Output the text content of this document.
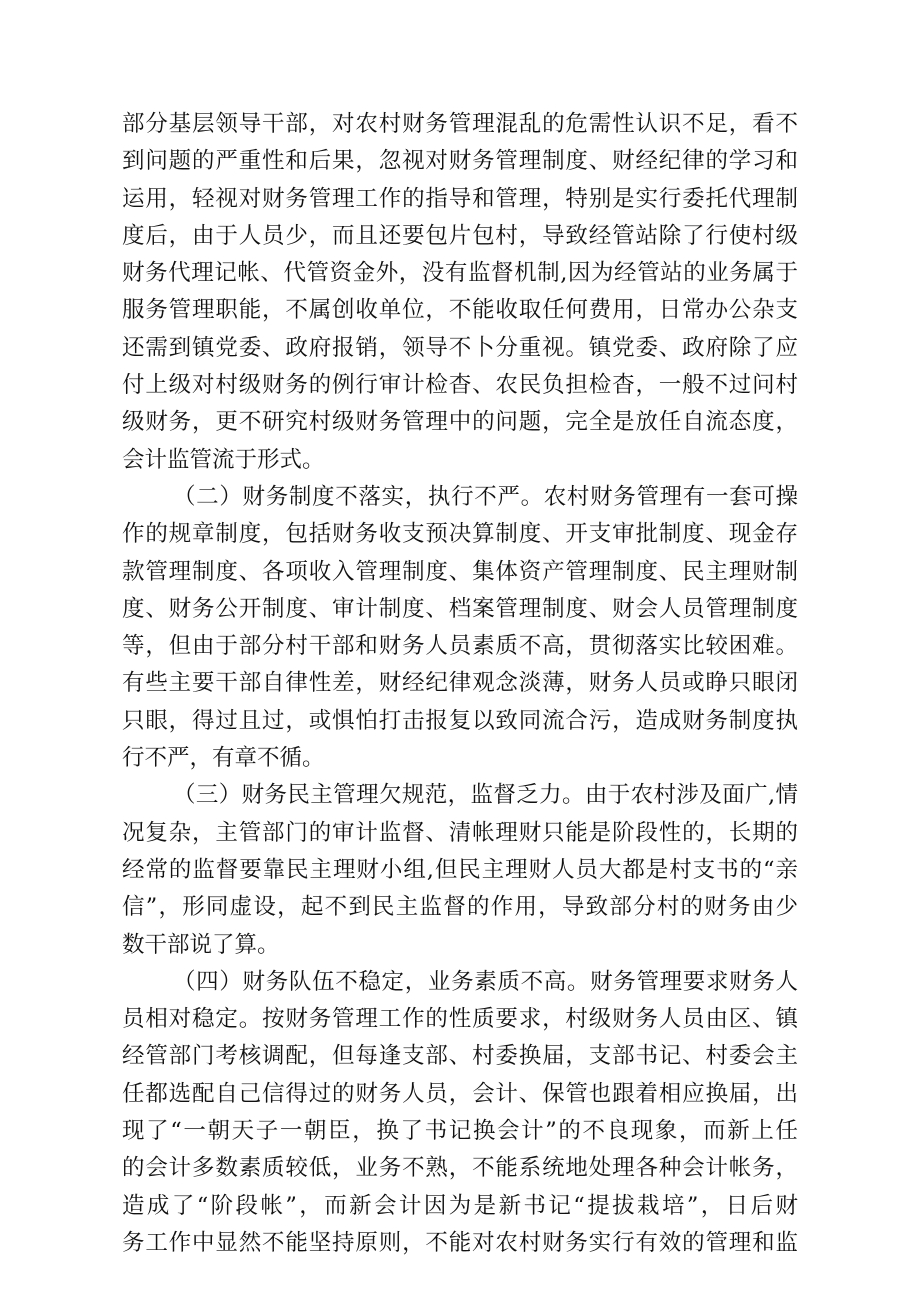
部分基层领导干部，对农村财务管理混乱的危需性认识不足，看不
到问题的严重性和后果，忽视对财务管理制度、财经纪律的学习和
运用，轻视对财务管理工作的指导和管理，特别是实行委托代理制
度后，由于人员少，而且还要包片包村，导致经管站除了行使村级
财务代理记帐、代管资金外，没有监督机制,因为经管站的业务属于
服务管理职能，不属创收单位，不能收取任何费用，日常办公杂支
还需到镇党委、政府报销，领导不卜分重视。镇党委、政府除了应
付上级对村级财务的例行审计检杳、农民负担检杳，一般不过问村
级财务，更不研究村级财务管理中的问题，完全是放任自流态度，
会计监管流于形式。
（二）财务制度不落实，执行不严。农村财务管理有一套可操
作的规章制度，包括财务收支预决算制度、开支审批制度、现金存
款管理制度、各项收入管理制度、集体资产管理制度、民主理财制
度、财务公开制度、审计制度、档案管理制度、财会人员管理制度
等，但由于部分村干部和财务人员素质不高，贯彻落实比较困难。
有些主要干部自律性差，财经纪律观念淡薄，财务人员或睁只眼闭
只眼，得过且过，或惧怕打击报复以致同流合污，造成财务制度执
行不严，有章不循。
（三）财务民主管理欠规范，监督乏力。由于农村涉及面广,情
况复杂，主管部门的审计监督、清帐理财只能是阶段性的，长期的
经常的监督要靠民主理财小组,但民主理财人员大都是村支书的“亲
信”，形同虚设，起不到民主监督的作用，导致部分村的财务由少
数干部说了算。
（四）财务队伍不稳定，业务素质不高。财务管理要求财务人
员相对稳定。按财务管理工作的性质要求，村级财务人员由区、镇
经管部门考核调配，但每逢支部、村委换届，支部书记、村委会主
任都选配自己信得过的财务人员，会计、保管也跟着相应换届，出
现了“一朝天子一朝臣，换了书记换会计”的不良现象，而新上任
的会计多数素质较低，业务不熟，不能系统地处理各种会计帐务，
造成了“阶段帐”，而新会计因为是新书记“提拔栽培”，日后财
务工作中显然不能坚持原则，不能对农村财务实行有效的管理和监
